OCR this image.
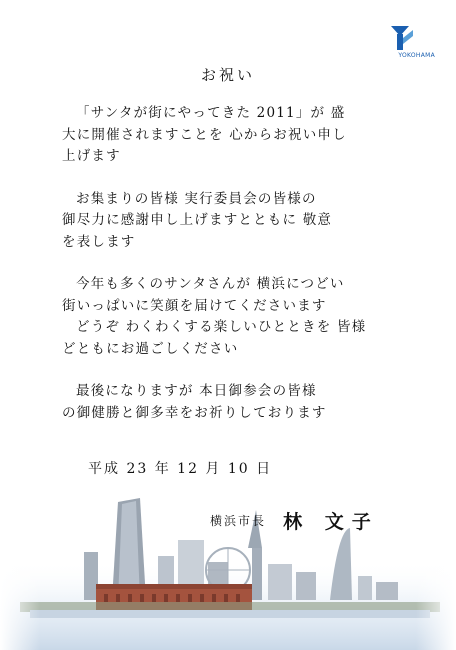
YOKOHAMA
お祝い
「サンタが街にやってきた 2011」が 盛
大に開催されますことを 心からお祝い申し
上げます
お集まりの皆様 実行委員会の皆様の
御尽力に感謝申し上げますとともに 敬意
を表します
今年も多くのサンタさんが 横浜につどい
街いっぱいに笑顔を届けてくださいます
どうぞ わくわくする楽しいひとときを 皆様
どともにお過ごしください
最後になりますが 本日御参会の皆様
の御健勝と御多幸をお祈りしております
平成 23 年 12 月 10 日
横浜市長 林 文子
